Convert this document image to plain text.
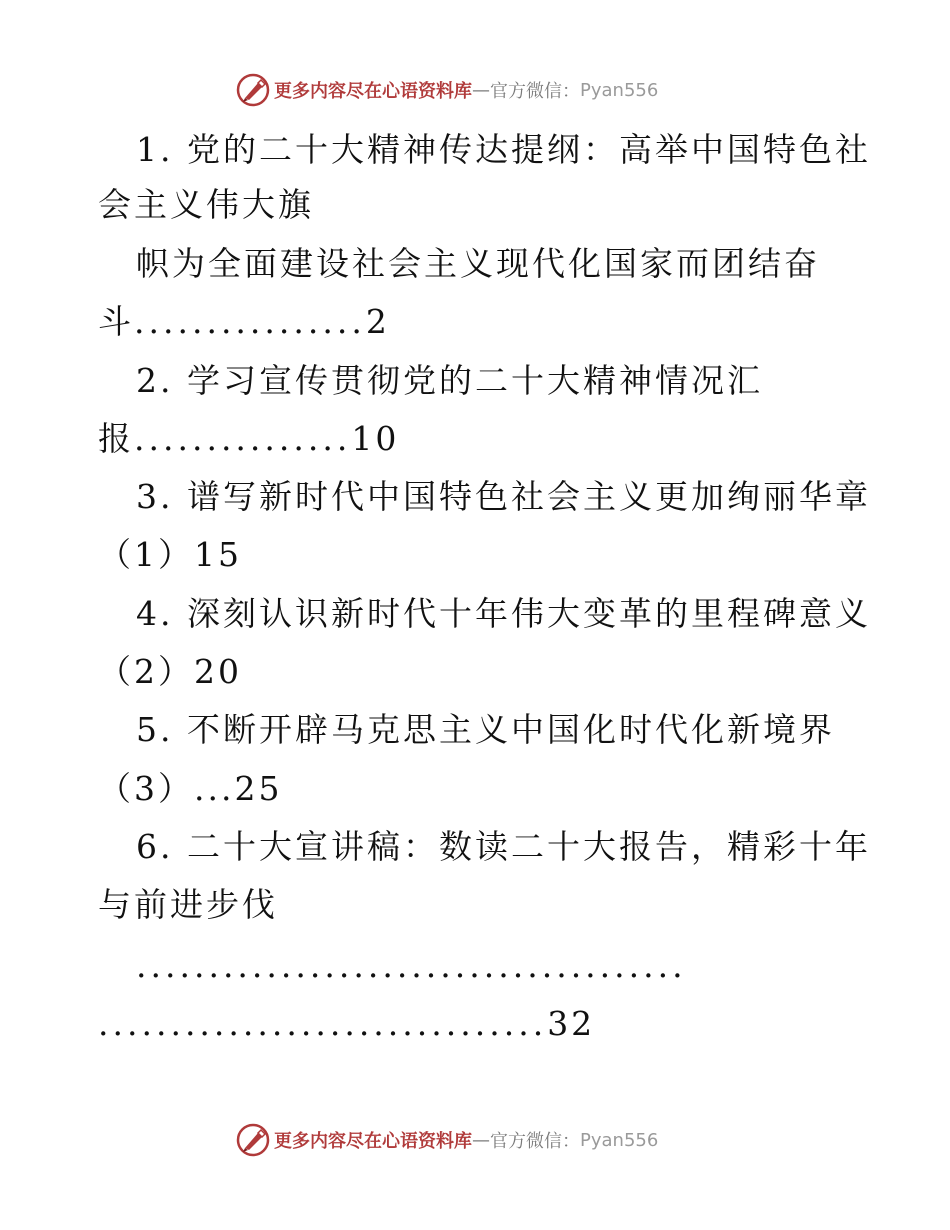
更多内容尽在心语资料库 — 官方微信： Pyan556
1. 党的二十大精神传达提纲：高举中国特色社
会主义伟大旗
帜为全面建设社会主义现代化国家而团结奋
斗................2
2. 学习宣传贯彻党的二十大精神情况汇
报...............10
3. 谱写新时代中国特色社会主义更加绚丽华章
（1）15
4. 深刻认识新时代十年伟大变革的里程碑意义
（2）20
5. 不断开辟马克思主义中国化时代化新境界
（3）...25
6. 二十大宣讲稿：数读二十大报告，精彩十年
与前进步伐
......................................
...............................32
更多内容尽在心语资料库 — 官方微信： Pyan556
